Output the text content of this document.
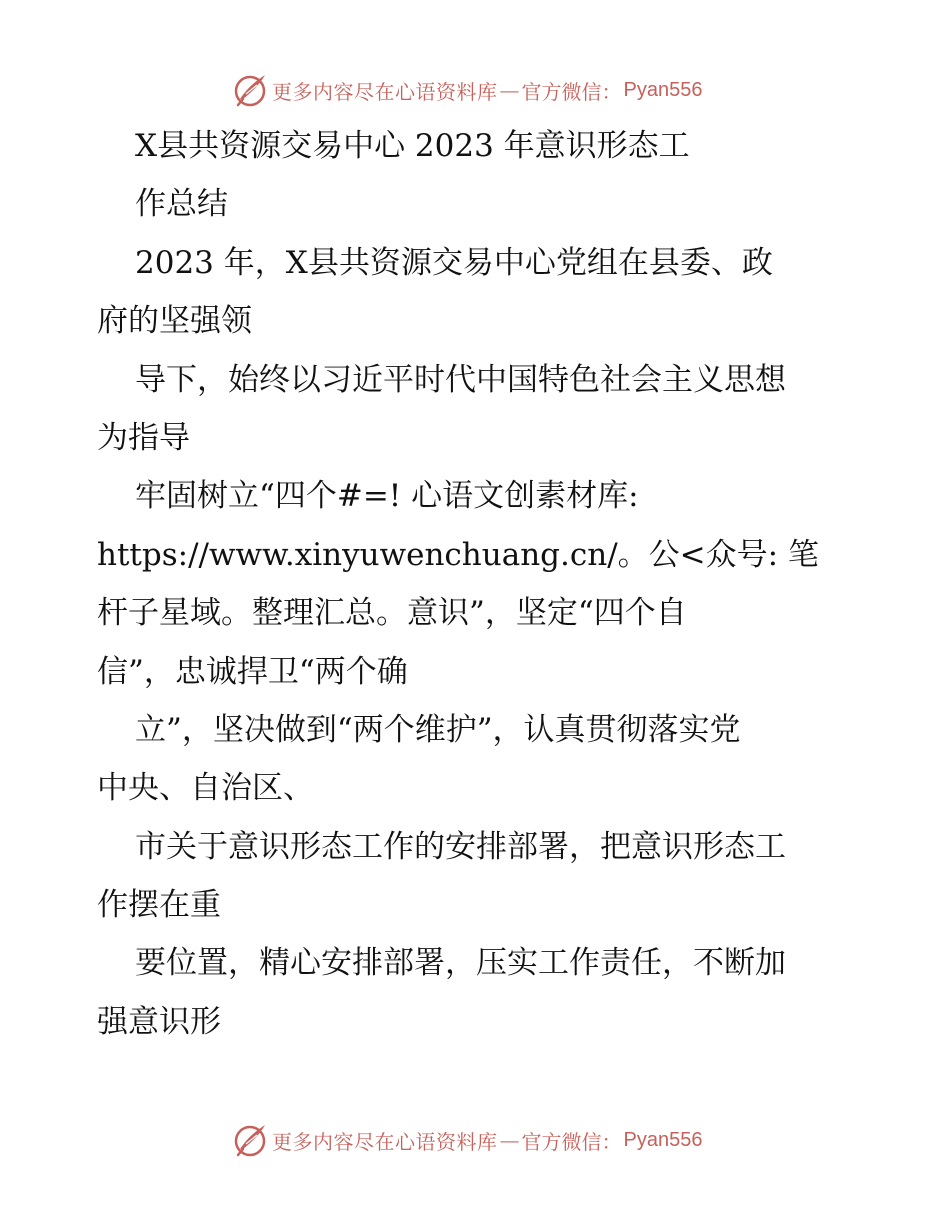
更多内容尽在心语资料库 — 官方微信： Pyan556
X县共资源交易中心 2023 年意识形态工
作总结
2023 年，X县共资源交易中心党组在县委、政
府的坚强领
导下，始终以习近平时代中国特色社会主义思想
为指导
牢固树立“四个#=! 心语文创素材库:
https://www.xinyuwenchuang.cn/。公<众号: 笔
杆子星域。整理汇总。意识”，坚定“四个自
信”，忠诚捍卫“两个确
立”，坚决做到“两个维护”，认真贯彻落实党
中央、自治区、
市关于意识形态工作的安排部署，把意识形态工
作摆在重
要位置，精心安排部署，压实工作责任，不断加
强意识形
更多内容尽在心语资料库 — 官方微信： Pyan556
